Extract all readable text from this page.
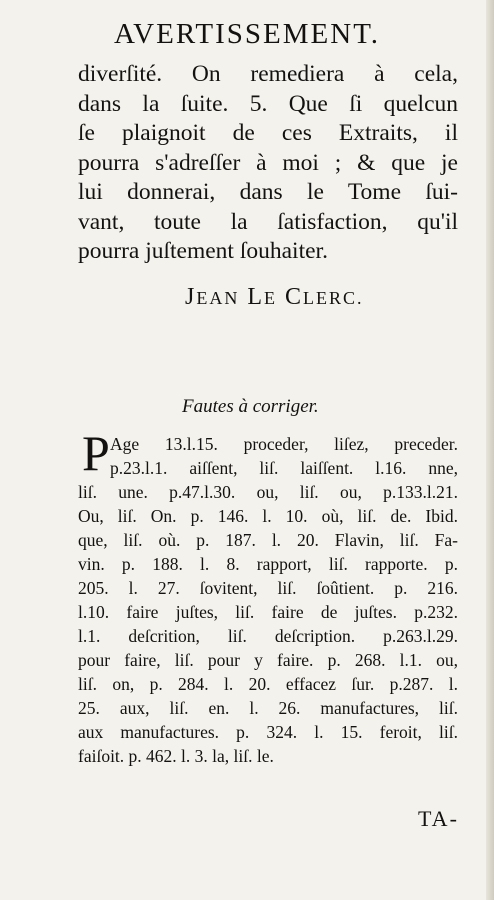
AVERTISSEMENT.
diverſité. On remediera à cela,
dans la ſuite. 5. Que ſi quelcun
ſe plaignoit de ces Extraits, il
pourra s'adreſſer à moi ; & que je
lui donnerai, dans le Tome ſui-
vant, toute la ſatisfaction, qu'il
pourra juſtement ſouhaiter.
JEAN LE CLERC.
Fautes à corriger.
P Age 13.l.15. proceder, liſez, preceder.
p.23.l.1. aiſſent, liſ. laiſſent. l.16. nne,
liſ. une. p.47.l.30. ou, liſ. ou, p.133.l.21.
Ou, liſ. On. p. 146. l. 10. où, liſ. de. Ibid.
que, liſ. où. p. 187. l. 20. Flavin, liſ. Fa-
vin. p. 188. l. 8. rapport, liſ. rapporte. p.
205. l. 27. ſovitent, liſ. ſoûtient. p. 216.
l.10. faire juſtes, liſ. faire de juſtes. p.232.
l.1. deſcrition, liſ. deſcription. p.263.l.29.
pour faire, liſ. pour y faire. p. 268. l.1. ou,
liſ. on, p. 284. l. 20. effacez ſur. p.287. l.
25. aux, liſ. en. l. 26. manufactures, liſ.
aux manufactures. p. 324. l. 15. feroit, liſ.
faiſoit. p. 462. l. 3. la, liſ. le.
TA-
